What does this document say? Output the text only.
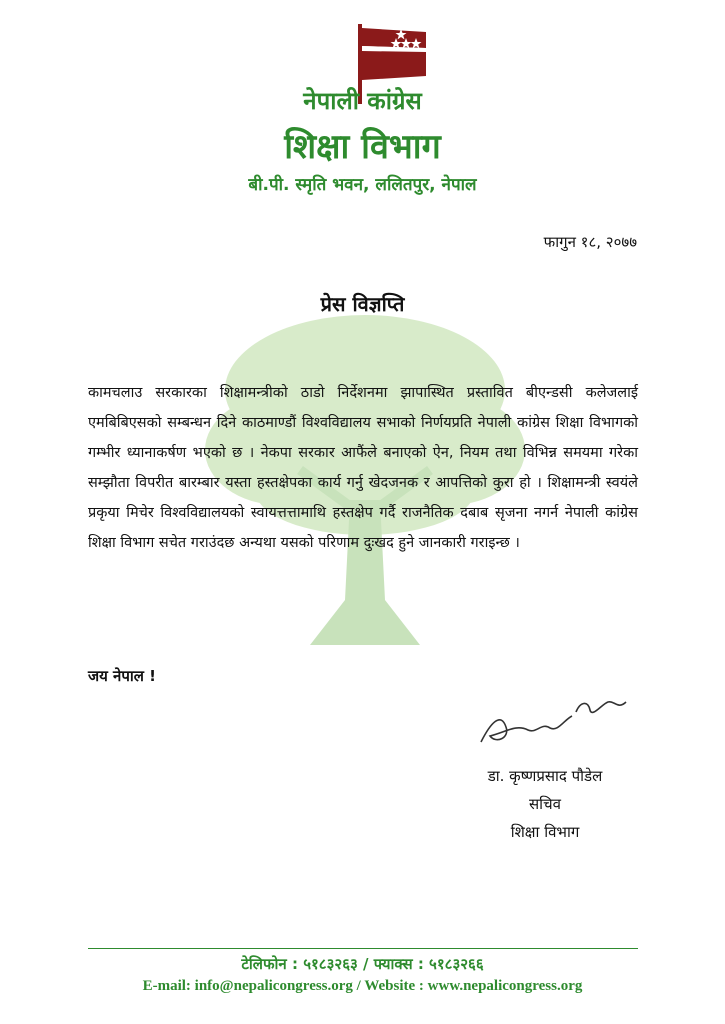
नेपाली कांग्रेस
शिक्षा विभाग
बी.पी. स्मृति भवन, ललितपुर, नेपाल
फागुन १८, २०७७
प्रेस विज्ञप्ति
कामचलाउ सरकारका शिक्षामन्त्रीको ठाडो निर्देशनमा झापास्थित प्रस्तावित बीएन्डसी कलेजलाई एमबिबिएसको सम्बन्धन दिने काठमाण्डौं विश्वविद्यालय सभाको निर्णयप्रति नेपाली कांग्रेस शिक्षा विभागको गम्भीर ध्यानाकर्षण भएको छ । नेकपा सरकार आफैंले बनाएको ऐन, नियम तथा विभिन्न समयमा गरेका सम्झौता विपरीत बारम्बार यस्ता हस्तक्षेपका कार्य गर्नु खेदजनक र आपत्तिको कुरा हो । शिक्षामन्त्री स्वयंले प्रकृया मिचेर विश्वविद्यालयको स्वायत्तत्तामाथि हस्तक्षेप गर्दै राजनैतिक दबाब सृजना नगर्न नेपाली कांग्रेस शिक्षा विभाग सचेत गराउंदछ अन्यथा यसको परिणाम दुःखद हुने जानकारी गराइन्छ ।
जय नेपाल !
डा. कृष्णप्रसाद पौडेल
सचिव
शिक्षा विभाग
टेलिफोन : ५१८३२६३ / फ्याक्स : ५१८३२६६
E-mail: info@nepalicongress.org / Website : www.nepalicongress.org
